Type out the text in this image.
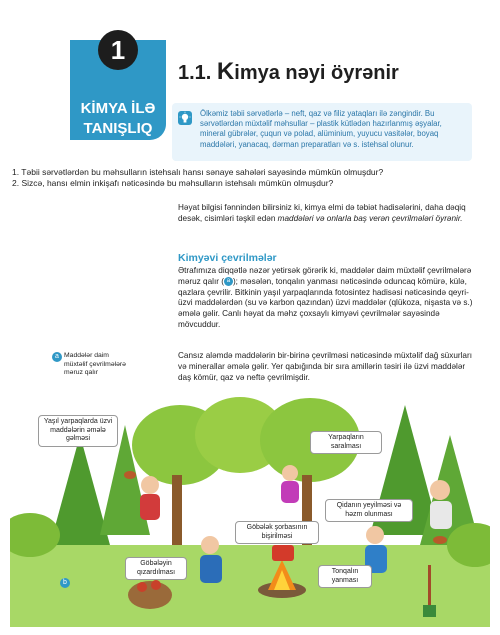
1
KİMYA İLƏ
TANIŞLIQ
1.1. Kimya nəyi öyrənir
Ölkəmiz təbii sərvətlərlə – neft, qaz və filiz yataqları ilə zəngindir. Bu sərvətlərdən müxtəlif məhsullar – plastik kütlədən hazırlanmış əşyalar, mineral gübrələr, çuqun və polad, alüminium, yuyucu vasitələr, boyaq maddələri, yanacaq, dərman preparatları və s. istehsal olunur.
1. Təbii sərvətlərdən bu məhsulların istehsalı hansı sənaye sahələri sayəsində mümkün olmuşdur?
2. Sizcə, hansı elmin inkişafı nəticəsində bu məhsulların istehsalı mümkün olmuşdur?
Həyat bilgisi fənnindən bilirsiniz ki, kimya elmi də təbiət hadisələrini, daha dəqiq desək, cisimləri təşkil edən maddələri və onlarla baş verən çevrilmələri öyrənir.
Kimyəvi çevrilmələr
Ətrafımıza diqqətlə nəzər yetirsək görərik ki, maddələr daim müxtəlif çevrilmələrə məruz qalır ( a ); məsələn, tonqalın yanması nəticəsində oduncaq kömürə, külə, qazlara çevrilir. Bitkinin yaşıl yarpaqlarında fotosintez hadisəsi nəticəsində qeyri-üzvi maddələrdən (su və karbon qazından) üzvi maddələr (qlükoza, nişasta və s.) əmələ gəlir. Canlı həyat da məhz çoxsaylı kimyəvi çevrilmələr sayəsində mövcuddur.
Cansız aləmdə maddələrin bir-birinə çevrilməsi nəticəsində müxtəlif dağ süxurları və minerallar əmələ gəlir. Yer qabığında bir sıra amillərin təsiri ilə üzvi maddələr daş kömür, qaz və neftə çevrilmişdir.
a Maddələr daim müxtəlif çevrilmələrə məruz qalır
Yaşıl yarpaqlarda üzvi maddələrin əmələ gəlməsi	Yarpaqların saralması
Qidanın yeyilməsi və həzm olunması
Göbələk şorbasının bişirilməsi
Göbələyin qızardılması	Tonqalın yanması
b
